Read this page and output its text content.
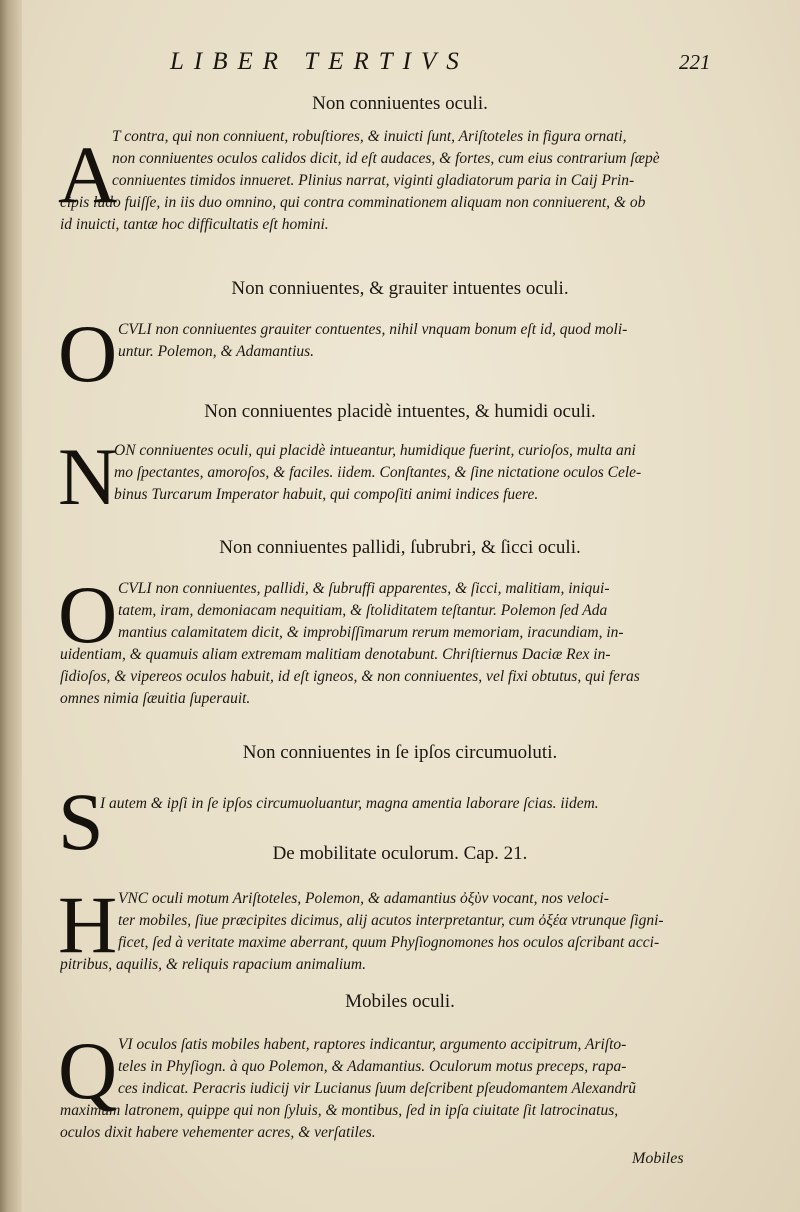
LIBER TERTIVS	221

Non conniuentes oculi.

A
T contra, qui non conniuent, robuſtiores, & inuicti ſunt, Ariſtoteles in figura ornati,
non conniuentes oculos calidos dicit, id eſt audaces, & fortes, cum eius contrarium ſæpè
conniuentes timidos innueret. Plinius narrat, viginti gladiatorum paria in Caij Prin-
cipis ludo fuiſſe, in iis duo omnino, qui contra comminationem aliquam non conniuerent, & ob
id inuicti, tantæ hoc difficultatis eſt homini.

Non conniuentes, & grauiter intuentes oculi.

O CVLI non conniuentes grauiter contuentes, nihil vnquam bonum eſt id, quod moli-
untur. Polemon, & Adamantius.

Non conniuentes placidè intuentes, & humidi oculi.

N
ON conniuentes oculi, qui placidè intueantur, humidique fuerint, curioſos, multa ani
mo ſpectantes, amoroſos, & faciles. iidem. Conſtantes, & ſine nictatione oculos Cele-
binus Turcarum Imperator habuit, qui compoſiti animi indices fuere.

Non conniuentes pallidi, ſubrubri, & ſicci oculi.

O CVLI non conniuentes, pallidi, & ſubruffi apparentes, & ſicci, malitiam, iniqui-
tatem, iram, demoniacam nequitiam, & ſtoliditatem teſtantur. Polemon ſed Ada
mantius calamitatem dicit, & improbiſſimarum rerum memoriam, iracundiam, in-
uidentiam, & quamuis aliam extremam malitiam denotabunt. Chriſtiernus Daciæ Rex in-
ſidioſos, & vipereos oculos habuit, id eſt igneos, & non conniuentes, vel fixi obtutus, qui feras
omnes nimia ſæuitia ſuperauit.

Non conniuentes in ſe ipſos circumuoluti.

S
I autem & ipſi in ſe ipſos circumuoluantur, magna amentia laborare ſcias. iidem.

De mobilitate oculorum. Cap. 21.

H VNC oculi motum Ariſtoteles, Polemon, & adamantius ὀξὺν vocant, nos veloci-
ter mobiles, ſiue præcipites dicimus, alij acutos interpretantur, cum ὀξέα vtrunque ſigni-
ficet, ſed à veritate maxime aberrant, quum Phyſiognomones hos oculos aſcribant acci-
pitribus, aquilis, & reliquis rapacium animalium.

Mobiles oculi.

Q VI oculos ſatis mobiles habent, raptores indicantur, argumento accipitrum, Ariſto-
teles in Phyſiogn. à quo Polemon, & Adamantius. Oculorum motus preceps, rapa-
ces indicat. Peracris iudicij vir Lucianus ſuum deſcribent pſeudomantem Alexandrũ
maximum latronem, quippe qui non ſyluis, & montibus, ſed in ipſa ciuitate ſit latrocinatus,
oculos dixit habere vehementer acres, & verſatiles.
Mobiles
